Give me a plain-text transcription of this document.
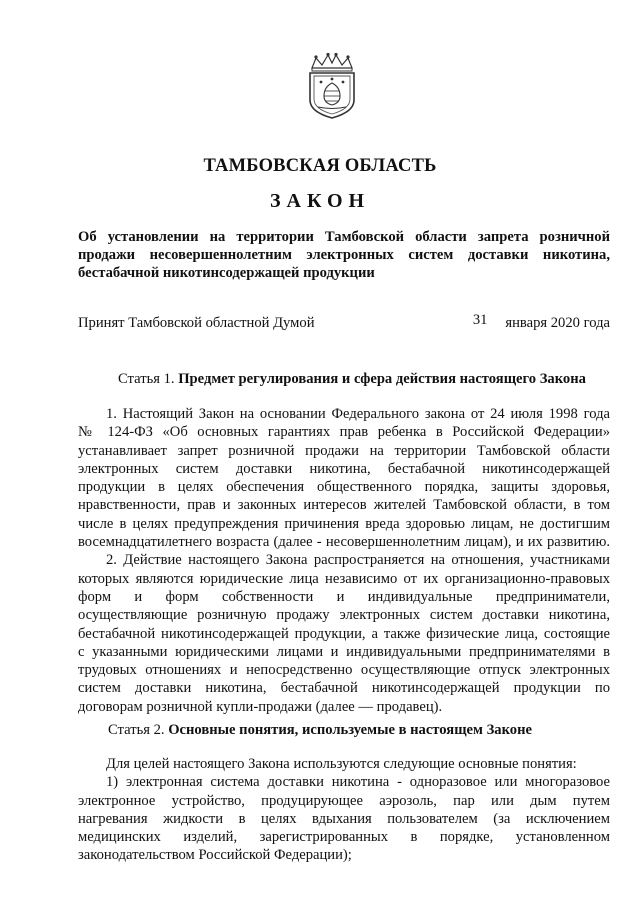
ТАМБОВСКАЯ ОБЛАСТЬ
ЗАКОН
Об установлении на территории Тамбовской области запрета розничной
продажи несовершеннолетним электронных систем доставки никотина,
бестабачной никотинсодержащей продукции
Принят Тамбовской областной Думой	31 января 2020 года
Статья 1. Предмет регулирования и сфера действия настоящего Закона
1. Настоящий Закон на основании Федерального закона от 24 июля 1998 года
№ 124-ФЗ «Об основных гарантиях прав ребенка в Российской Федерации»
устанавливает запрет розничной продажи на территории Тамбовской области
электронных систем доставки никотина, бестабачной никотинсодержащей
продукции в целях обеспечения общественного порядка, защиты здоровья,
нравственности, прав и законных интересов жителей Тамбовской области, в том
числе в целях предупреждения причинения вреда здоровью лицам, не достигшим
восемнадцатилетнего возраста (далее - несовершеннолетним лицам), и их развитию.
2. Действие настоящего Закона распространяется на отношения, участниками
которых являются юридические лица независимо от их организационно-правовых
форм и форм собственности и индивидуальные предприниматели,
осуществляющие розничную продажу электронных систем доставки никотина,
бестабачной никотинсодержащей продукции, а также физические лица, состоящие
с указанными юридическими лицами и индивидуальными предпринимателями в
трудовых отношениях и непосредственно осуществляющие отпуск электронных
систем доставки никотина, бестабачной никотинсодержащей продукции по
договорам розничной купли-продажи (далее — продавец).
Статья 2. Основные понятия, используемые в настоящем Законе
Для целей настоящего Закона используются следующие основные понятия:
1) электронная система доставки никотина - одноразовое или многоразовое
электронное устройство, продуцирующее аэрозоль, пар или дым путем
нагревания жидкости в целях вдыхания пользователем (за исключением
медицинских изделий, зарегистрированных в порядке, установленном
законодательством Российской Федерации);
